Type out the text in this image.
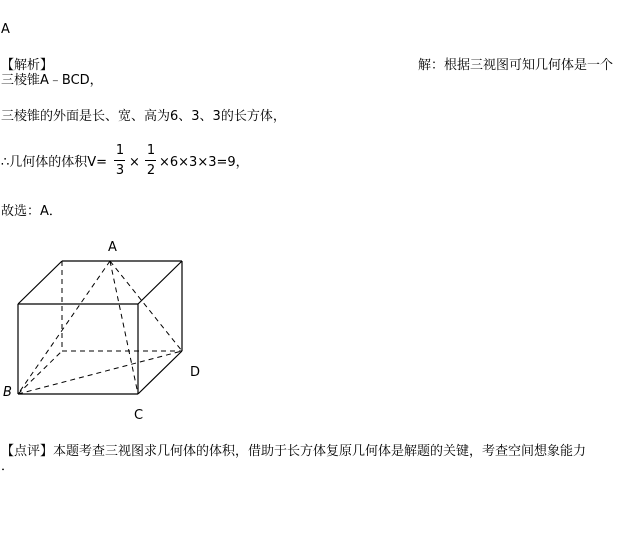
A
【解析】	解：根据三视图可知几何体是一个
三棱锥A﹣BCD，
三棱锥的外面是长、宽、高为6、3、3的长方体，
∴几何体的体积V=
1
3
×
1
2
×6×3×3=9，
故选：A．
A
B
C
D
【点评】本题考查三视图求几何体的体积，借助于长方体复原几何体是解题的关键，考查空间想象能力
．
